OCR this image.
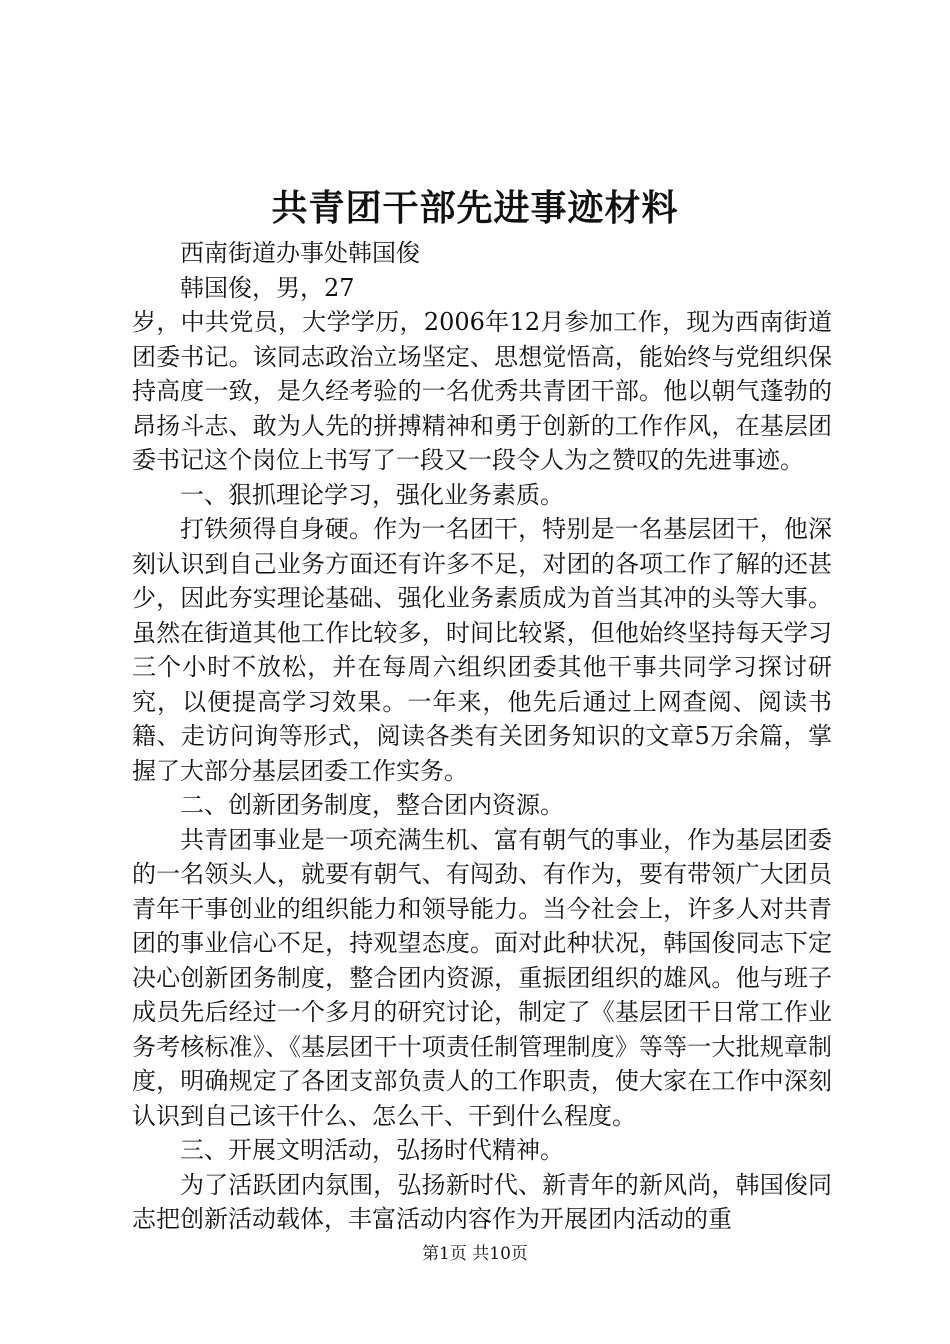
共青团干部先进事迹材料

西南街道办事处韩国俊

韩国俊，男，27

岁，中共党员，大学学历，2006年12月参加工作，现为西南街道团委书记。该同志政治立场坚定、思想觉悟高，能始终与党组织保持高度一致，是久经考验的一名优秀共青团干部。他以朝气蓬勃的昂扬斗志、敢为人先的拼搏精神和勇于创新的工作作风，在基层团委书记这个岗位上书写了一段又一段令人为之赞叹的先进事迹。

一、狠抓理论学习，强化业务素质。

打铁须得自身硬。作为一名团干，特别是一名基层团干，他深刻认识到自己业务方面还有许多不足，对团的各项工作了解的还甚少，因此夯实理论基础、强化业务素质成为首当其冲的头等大事。虽然在街道其他工作比较多，时间比较紧，但他始终坚持每天学习三个小时不放松，并在每周六组织团委其他干事共同学习探讨研究，以便提高学习效果。一年来，他先后通过上网查阅、阅读书籍、走访问询等形式，阅读各类有关团务知识的文章5万余篇，掌握了大部分基层团委工作实务。

二、创新团务制度，整合团内资源。

共青团事业是一项充满生机、富有朝气的事业，作为基层团委的一名领头人，就要有朝气、有闯劲、有作为，要有带领广大团员青年干事创业的组织能力和领导能力。当今社会上，许多人对共青团的事业信心不足，持观望态度。面对此种状况，韩国俊同志下定决心创新团务制度，整合团内资源，重振团组织的雄风。他与班子成员先后经过一个多月的研究讨论，制定了《基层团干日常工作业务考核标准》、《基层团干十项责任制管理制度》等等一大批规章制度，明确规定了各团支部负责人的工作职责，使大家在工作中深刻认识到自己该干什么、怎么干、干到什么程度。

三、开展文明活动，弘扬时代精神。

为了活跃团内氛围，弘扬新时代、新青年的新风尚，韩国俊同志把创新活动载体，丰富活动内容作为开展团内活动的重

第1页 共10页
